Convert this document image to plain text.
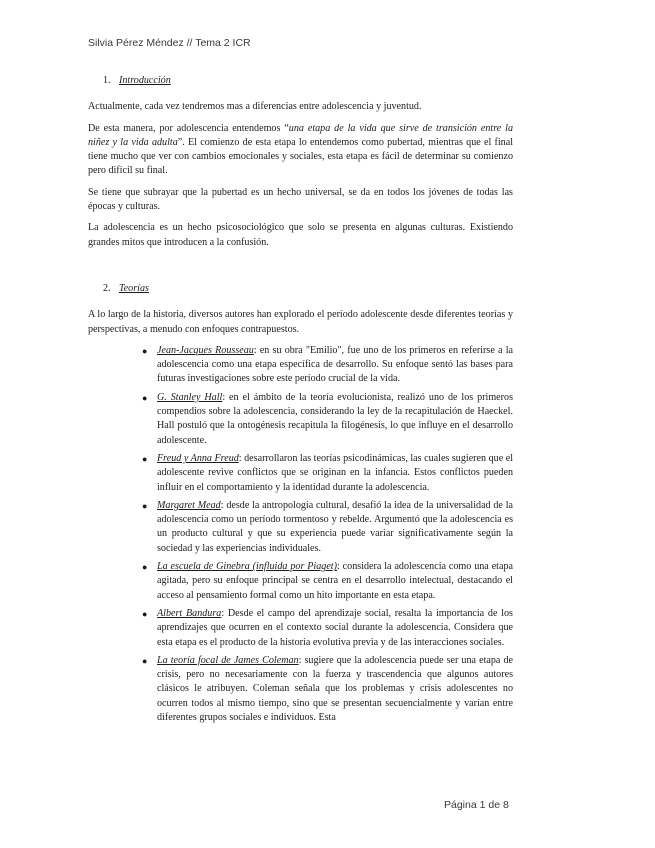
Silvia Pérez Méndez // Tema 2 ICR
1. Introducción

Actualmente, cada vez tendremos mas a diferencias entre adolescencia y juventud.

De esta manera, por adolescencia entendemos “una etapa de la vida que sirve de transición entre la niñez y la vida adulta”. El comienzo de esta etapa lo entendemos como pubertad, mientras que el final tiene mucho que ver con cambios emocionales y sociales, esta etapa es fácil de determinar su comienzo pero difícil su final.

Se tiene que subrayar que la pubertad es un hecho universal, se da en todos los jóvenes de todas las épocas y culturas.

La adolescencia es un hecho psicosociológico que solo se presenta en algunas culturas. Existiendo grandes mitos que introducen a la confusión.

2. Teorías

A lo largo de la historia, diversos autores han explorado el período adolescente desde diferentes teorías y perspectivas, a menudo con enfoques contrapuestos.

● Jean-Jacques Rousseau: en su obra "Emilio", fue uno de los primeros en referirse a la adolescencia como una etapa específica de desarrollo. Su enfoque sentó las bases para futuras investigaciones sobre este período crucial de la vida.
● G. Stanley Hall: en el ámbito de la teoría evolucionista, realizó uno de los primeros compendios sobre la adolescencia, considerando la ley de la recapitulación de Haeckel. Hall postuló que la ontogénesis recapitula la filogénesis, lo que influye en el desarrollo adolescente.
● Freud y Anna Freud: desarrollaron las teorías psicodinámicas, las cuales sugieren que el adolescente revive conflictos que se originan en la infancia. Estos conflictos pueden influir en el comportamiento y la identidad durante la adolescencia.
● Margaret Mead: desde la antropología cultural, desafió la idea de la universalidad de la adolescencia como un período tormentoso y rebelde. Argumentó que la adolescencia es un producto cultural y que su experiencia puede variar significativamente según la sociedad y las experiencias individuales.
● La escuela de Ginebra (influida por Piaget): considera la adolescencia como una etapa agitada, pero su enfoque principal se centra en el desarrollo intelectual, destacando el acceso al pensamiento formal como un hito importante en esta etapa.
● Albert Bandura: Desde el campo del aprendizaje social, resalta la importancia de los aprendizajes que ocurren en el contexto social durante la adolescencia. Considera que esta etapa es el producto de la historia evolutiva previa y de las interacciones sociales.
● La teoría focal de James Coleman: sugiere que la adolescencia puede ser una etapa de crisis, pero no necesariamente con la fuerza y trascendencia que algunos autores clásicos le atribuyen. Coleman señala que los problemas y crisis adolescentes no ocurren todos al mismo tiempo, sino que se presentan secuencialmente y varían entre diferentes grupos sociales e individuos. Esta
Página 1 de 8
